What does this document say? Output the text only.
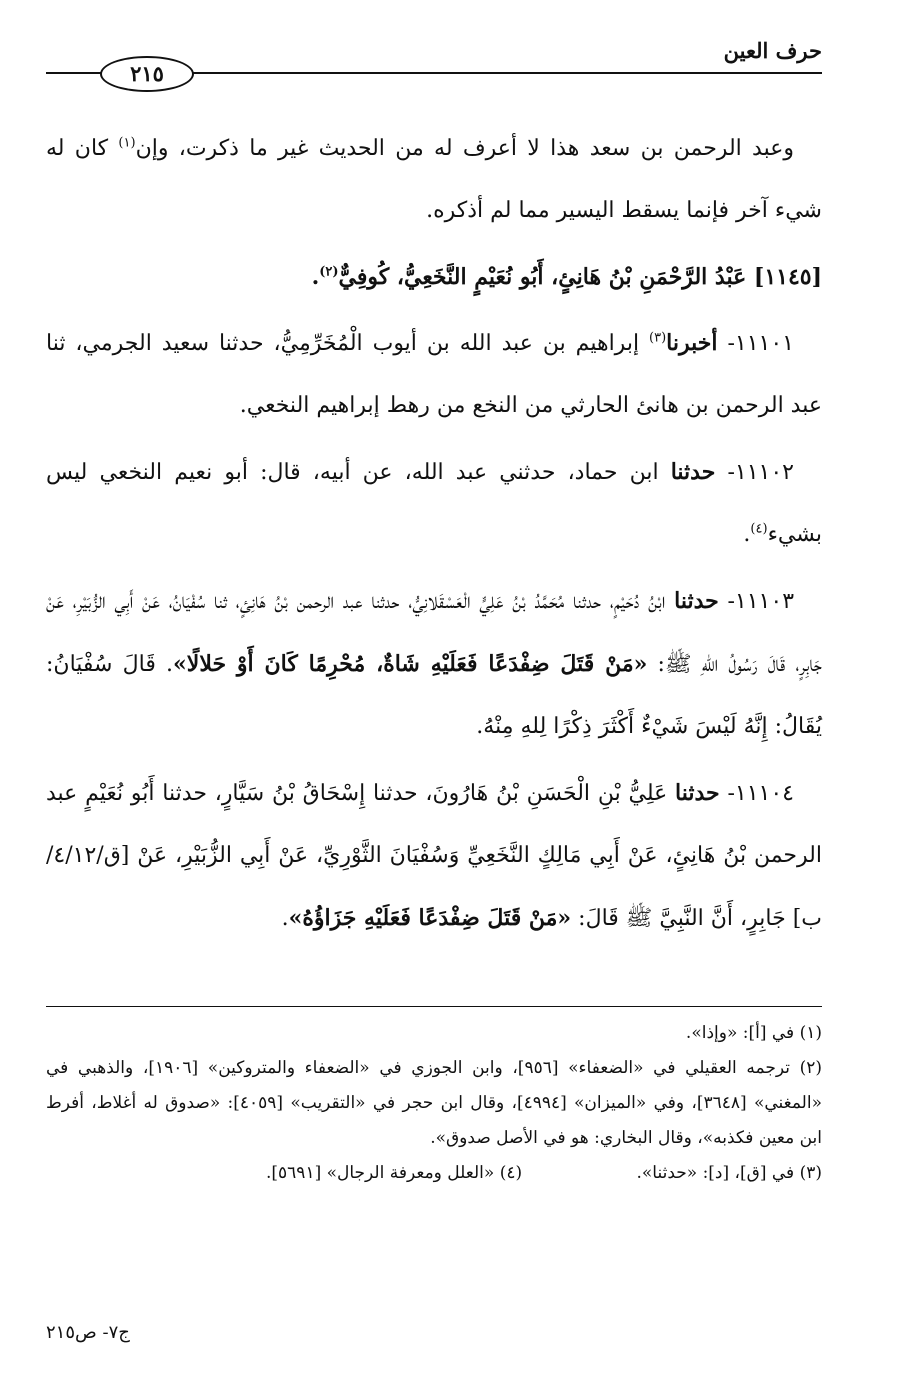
حرف العين
٢١٥

وعبد الرحمن بن سعد هذا لا أعرف له من الحديث غير ما ذكرت، وإن$^{(١)}$ كان له شيء آخر فإنما يسقط اليسير مما لم أذكره.

[١١٤٥] عَبْدُ الرَّحْمَنِ بْنُ هَانِئٍ، أَبُو نُعَيْمٍ النَّخَعِيُّ، كُوفِيٌّ$^{(٢)}$.

١١١٠١- أخبرنا$^{(٣)}$ إبراهيم بن عبد الله بن أيوب الْمُخَرِّمِيُّ، حدثنا سعيد الجرمي، ثنا عبد الرحمن بن هانئ الحارثي من النخع من رهط إبراهيم النخعي.

١١١٠٢- حدثنا ابن حماد، حدثني عبد الله، عن أبيه، قال: أبو نعيم النخعي ليس بشيء$^{(٤)}$.

١١١٠٣- حدثنا ابْنُ دُحَيْمٍ، حدثنا مُحَمَّدُ بْنُ عَلِيٍّ الْعَسْقَلانِيُّ، حدثنا عبد الرحمن بْنُ هَانِئٍ، ثنا سُفْيَانُ، عَنْ أَبِي الزُّبَيْرِ، عَنْ جَابِرٍ، قَالَ رَسُولُ اللهِ ﷺ: «مَنْ قَتَلَ ضِفْدَعًا فَعَلَيْهِ شَاةٌ، مُحْرِمًا كَانَ أَوْ حَلالًا». قَالَ سُفْيَانُ: يُقَالُ: إِنَّهُ لَيْسَ شَيْءٌ أَكْثَرَ ذِكْرًا لِلهِ مِنْهُ.

١١١٠٤- حدثنا عَلِيُّ بْنِ الْحَسَنِ بْنُ هَارُونَ، حدثنا إِسْحَاقُ بْنُ سَيَّارٍ، حدثنا أَبُو نُعَيْمٍ عبد الرحمن بْنُ هَانِئٍ، عَنْ أَبِي مَالِكٍ النَّخَعِيِّ وَسُفْيَانَ الثَّوْرِيِّ، عَنْ أَبِي الزُّبَيْرِ، عَنْ [ق/٤/١٢/ب] جَابِرٍ، أَنَّ النَّبِيَّ ﷺ قَالَ: «مَنْ قَتَلَ ضِفْدَعًا فَعَلَيْهِ جَزَاؤُهُ».

(١) في [أ]: «وإذا».

(٢) ترجمه العقيلي في «الضعفاء» [٩٥٦]، وابن الجوزي في «الضعفاء والمتروكين» [١٩٠٦]، والذهبي في «المغني» [٣٦٤٨]، وفي «الميزان» [٤٩٩٤]، وقال ابن حجر في «التقريب» [٤٠٥٩]: «صدوق له أغلاط، أفرط ابن معين فكذبه»، وقال البخاري: هو في الأصل صدوق».

(٣) في [ق]، [د]: «حدثنا».
(٤) «العلل ومعرفة الرجال» [٥٦٩١].
ج٧- ص٢١٥
